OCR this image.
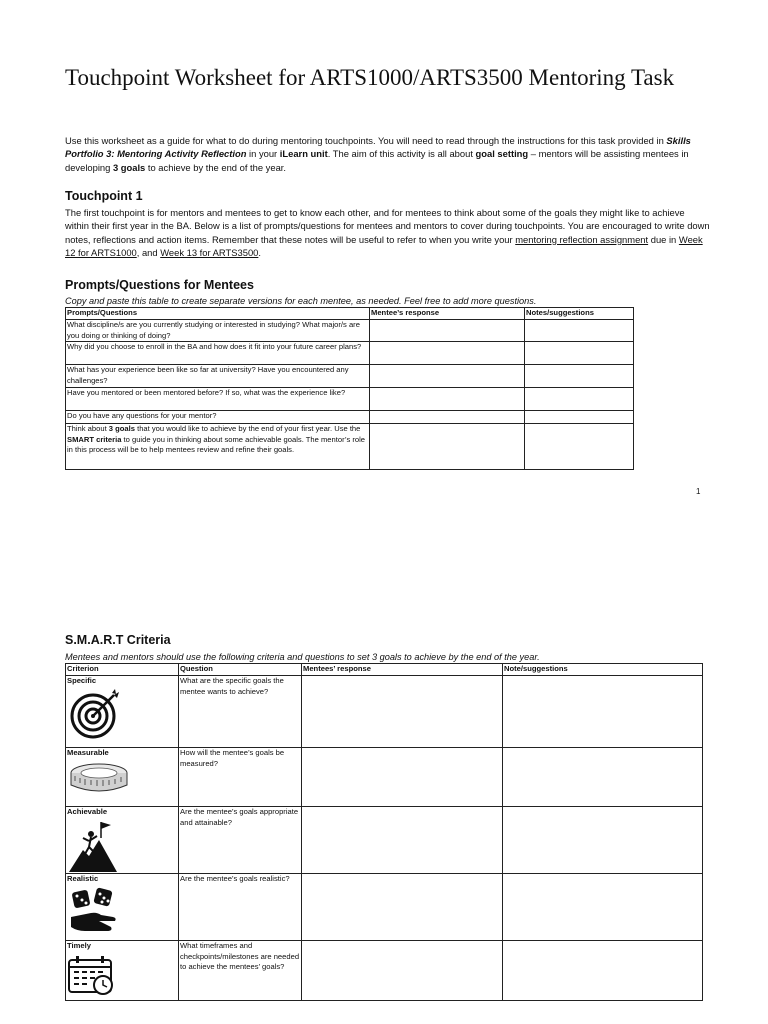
Touchpoint Worksheet for ARTS1000/ARTS3500 Mentoring Task

Use this worksheet as a guide for what to do during mentoring touchpoints. You will need to read through the instructions for this task provided in Skills Portfolio 3: Mentoring Activity Reflection in your iLearn unit. The aim of this activity is all about goal setting – mentors will be assisting mentees in developing 3 goals to achieve by the end of the year.

Touchpoint 1

The first touchpoint is for mentors and mentees to get to know each other, and for mentees to think about some of the goals they might like to achieve within their first year in the BA. Below is a list of prompts/questions for mentees and mentors to cover during touchpoints. You are encouraged to write down notes, reflections and action items. Remember that these notes will be useful to refer to when you write your mentoring reflection assignment due in Week 12 for ARTS1000, and Week 13 for ARTS3500.

Prompts/Questions for Mentees

Copy and paste this table to create separate versions for each mentee, as needed. Feel free to add more questions.

Prompts/Questions	Mentee’s response	Notes/suggestions
What discipline/s are you currently studying or interested in studying? What major/s are you doing or thinking of doing?		
Why did you choose to enroll in the BA and how does it fit into your future career plans?		
What has your experience been like so far at university? Have you encountered any challenges?		
Have you mentored or been mentored before? If so, what was the experience like?		
Do you have any questions for your mentor?		
Think about 3 goals that you would like to achieve by the end of your first year. Use the SMART criteria to guide you in thinking about some achievable goals. The mentor’s role in this process will be to help mentees review and refine their goals.		
1
S.M.A.R.T Criteria

Mentees and mentors should use the following criteria and questions to set 3 goals to achieve by the end of the year.

Criterion	Question	Mentees’ response	Note/suggestions

Specific	What are the specific goals the mentee wants to achieve?		

Measurable	How will the mentee’s goals be measured?		

Achievable	Are the mentee’s goals appropriate and attainable?		

Realistic	Are the mentee’s goals realistic?		

Timely	What timeframes and checkpoints/milestones are needed to achieve the mentees’ goals?		
